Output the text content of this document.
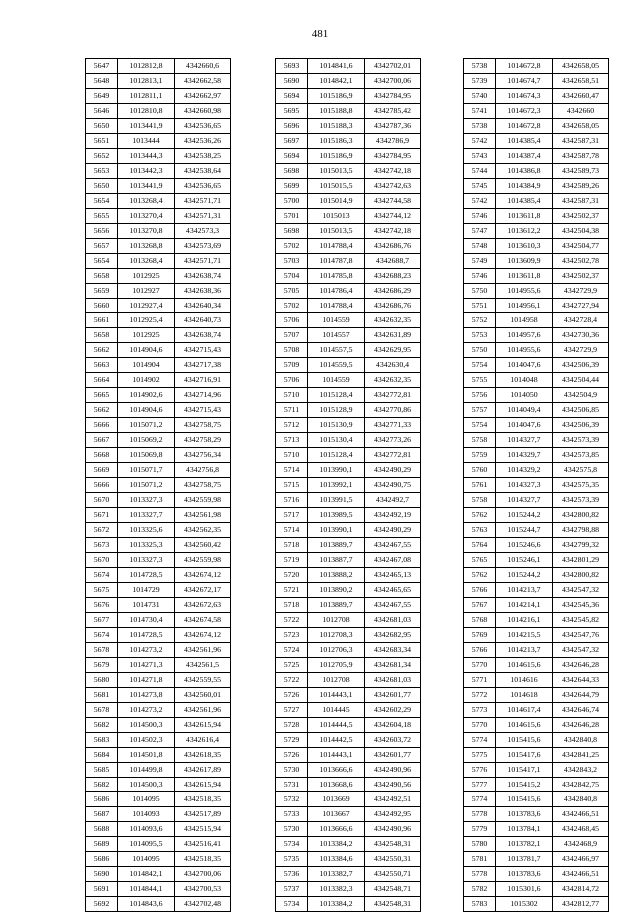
481
5647	1012812,8	4342660,6
5648	1012813,1	4342662,58
5649	1012811,1	4342662,97
5646	1012810,8	4342660,98
5650	1013441,9	4342536,65
5651	1013444	4342536,26
5652	1013444,3	4342538,25
5653	1013442,3	4342538,64
5650	1013441,9	4342536,65
5654	1013268,4	4342571,71
5655	1013270,4	4342571,31
5656	1013270,8	4342573,3
5657	1013268,8	4342573,69
5654	1013268,4	4342571,71
5658	1012925	4342638,74
5659	1012927	4342638,36
5660	1012927,4	4342640,34
5661	1012925,4	4342640,73
5658	1012925	4342638,74
5662	1014904,6	4342715,43
5663	1014904	4342717,38
5664	1014902	4342716,91
5665	1014902,6	4342714,96
5662	1014904,6	4342715,43
5666	1015071,2	4342758,75
5667	1015069,2	4342758,29
5668	1015069,8	4342756,34
5669	1015071,7	4342756,8
5666	1015071,2	4342758,75
5670	1013327,3	4342559,98
5671	1013327,7	4342561,98
5672	1013325,6	4342562,35
5673	1013325,3	4342560,42
5670	1013327,3	4342559,98
5674	1014728,5	4342674,12
5675	1014729	4342672,17
5676	1014731	4342672,63
5677	1014730,4	4342674,58
5674	1014728,5	4342674,12
5678	1014273,2	4342561,96
5679	1014271,3	4342561,5
5680	1014271,8	4342559,55
5681	1014273,8	4342560,01
5678	1014273,2	4342561,96
5682	1014500,3	4342615,94
5683	1014502,3	4342616,4
5684	1014501,8	4342618,35
5685	1014499,8	4342617,89
5682	1014500,3	4342615,94
5686	1014095	4342518,35
5687	1014093	4342517,89
5688	1014093,6	4342515,94
5689	1014095,5	4342516,41
5686	1014095	4342518,35
5690	1014842,1	4342700,06
5691	1014844,1	4342700,53
5692	1014843,6	4342702,48
5693	1014841,6	4342702,01
5690	1014842,1	4342700,06
5694	1015186,9	4342784,95
5695	1015188,8	4342785,42
5696	1015188,3	4342787,36
5697	1015186,3	4342786,9
5694	1015186,9	4342784,95
5698	1015013,5	4342742,18
5699	1015015,5	4342742,63
5700	1015014,9	4342744,58
5701	1015013	4342744,12
5698	1015013,5	4342742,18
5702	1014788,4	4342686,76
5703	1014787,8	4342688,7
5704	1014785,8	4342688,23
5705	1014786,4	4342686,29
5702	1014788,4	4342686,76
5706	1014559	4342632,35
5707	1014557	4342631,89
5708	1014557,5	4342629,95
5709	1014559,5	4342630,4
5706	1014559	4342632,35
5710	1015128,4	4342772,81
5711	1015128,9	4342770,86
5712	1015130,9	4342771,33
5713	1015130,4	4342773,26
5710	1015128,4	4342772,81
5714	1013990,1	4342490,29
5715	1013992,1	4342490,75
5716	1013991,5	4342492,7
5717	1013989,5	4342492,19
5714	1013990,1	4342490,29
5718	1013889,7	4342467,55
5719	1013887,7	4342467,08
5720	1013888,2	4342465,13
5721	1013890,2	4342465,65
5718	1013889,7	4342467,55
5722	1012708	4342681,03
5723	1012708,3	4342682,95
5724	1012706,3	4342683,34
5725	1012705,9	4342681,34
5722	1012708	4342681,03
5726	1014443,1	4342601,77
5727	1014445	4342602,29
5728	1014444,5	4342604,18
5729	1014442,5	4342603,72
5726	1014443,1	4342601,77
5730	1013666,6	4342490,96
5731	1013668,6	4342490,56
5732	1013669	4342492,51
5733	1013667	4342492,95
5730	1013666,6	4342490,96
5734	1013384,2	4342548,31
5735	1013384,6	4342550,31
5736	1013382,7	4342550,71
5737	1013382,3	4342548,71
5734	1013384,2	4342548,31
5738	1014672,8	4342658,05
5739	1014674,7	4342658,51
5740	1014674,3	4342660,47
5741	1014672,3	4342660
5738	1014672,8	4342658,05
5742	1014385,4	4342587,31
5743	1014387,4	4342587,78
5744	1014386,8	4342589,73
5745	1014384,9	4342589,26
5742	1014385,4	4342587,31
5746	1013611,8	4342502,37
5747	1013612,2	4342504,38
5748	1013610,3	4342504,77
5749	1013609,9	4342502,78
5746	1013611,8	4342502,37
5750	1014955,6	4342729,9
5751	1014956,1	4342727,94
5752	1014958	4342728,4
5753	1014957,6	4342730,36
5750	1014955,6	4342729,9
5754	1014047,6	4342506,39
5755	1014048	4342504,44
5756	1014050	4342504,9
5757	1014049,4	4342506,85
5754	1014047,6	4342506,39
5758	1014327,7	4342573,39
5759	1014329,7	4342573,85
5760	1014329,2	4342575,8
5761	1014327,3	4342575,35
5758	1014327,7	4342573,39
5762	1015244,2	4342800,82
5763	1015244,7	4342798,88
5764	1015246,6	4342799,32
5765	1015246,1	4342801,29
5762	1015244,2	4342800,82
5766	1014213,7	4342547,32
5767	1014214,1	4342545,36
5768	1014216,1	4342545,82
5769	1014215,5	4342547,76
5766	1014213,7	4342547,32
5770	1014615,6	4342646,28
5771	1014616	4342644,33
5772	1014618	4342644,79
5773	1014617,4	4342646,74
5770	1014615,6	4342646,28
5774	1015415,6	4342840,8
5775	1015417,6	4342841,25
5776	1015417,1	4342843,2
5777	1015415,2	4342842,75
5774	1015415,6	4342840,8
5778	1013783,6	4342466,51
5779	1013784,1	4342468,45
5780	1013782,1	4342468,9
5781	1013781,7	4342466,97
5778	1013783,6	4342466,51
5782	1015301,6	4342814,72
5783	1015302	4342812,77
